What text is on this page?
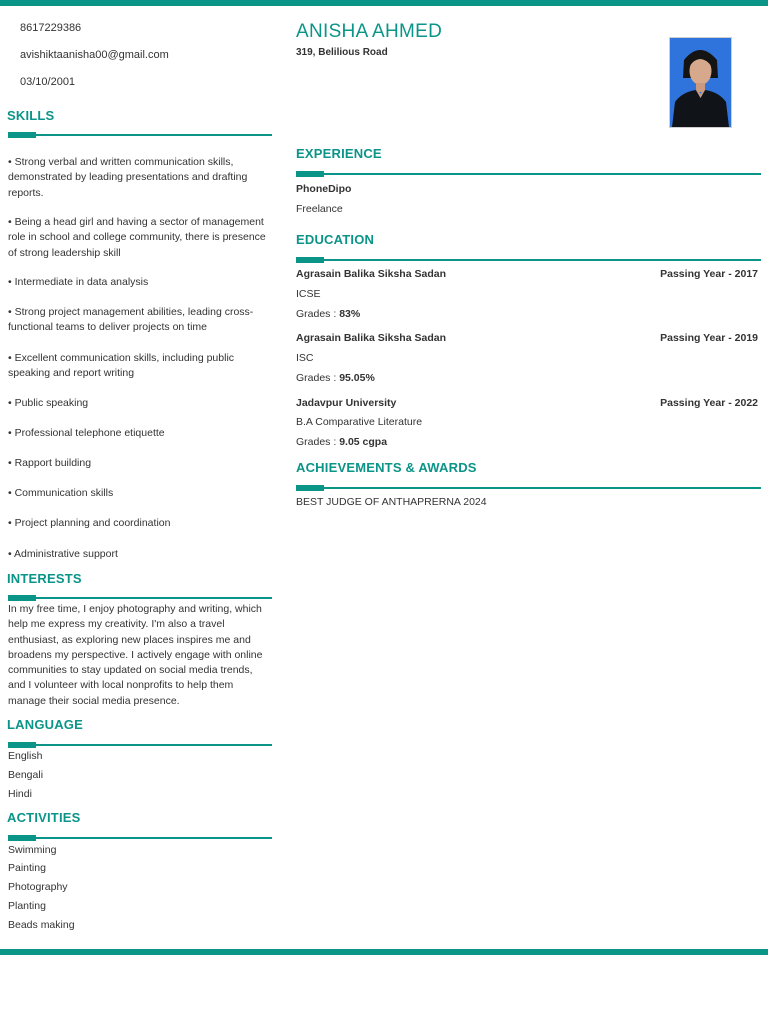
8617229386
avishiktaanisha00@gmail.com
03/10/2001
SKILLS
• Strong verbal and written communication skills, demonstrated by leading presentations and drafting reports.
• Being a head girl and having a sector of management role in school and college community, there is presence of strong leadership skill
• Intermediate in data analysis
• Strong project management abilities, leading cross-functional teams to deliver projects on time
• Excellent communication skills, including public speaking and report writing
• Public speaking
• Professional telephone etiquette
• Rapport building
• Communication skills
• Project planning and coordination
• Administrative support
INTERESTS
In my free time, I enjoy photography and writing, which help me express my creativity. I'm also a travel enthusiast, as exploring new places inspires me and broadens my perspective. I actively engage with online communities to stay updated on social media trends, and I volunteer with local nonprofits to help them manage their social media presence.
LANGUAGE
English
Bengali
Hindi
ACTIVITIES
Swimming
Painting
Photography
Planting
Beads making
ANISHA AHMED
319, Belilious Road
EXPERIENCE
PhoneDipo
Freelance
EDUCATION
Agrasain Balika Siksha Sadan	Passing Year - 2017
ICSE
Grades : 83%
Agrasain Balika Siksha Sadan	Passing Year - 2019
ISC
Grades : 95.05%
Jadavpur University	Passing Year - 2022
B.A Comparative Literature
Grades : 9.05 cgpa
ACHIEVEMENTS & AWARDS
BEST JUDGE OF ANTHAPRERNA 2024
